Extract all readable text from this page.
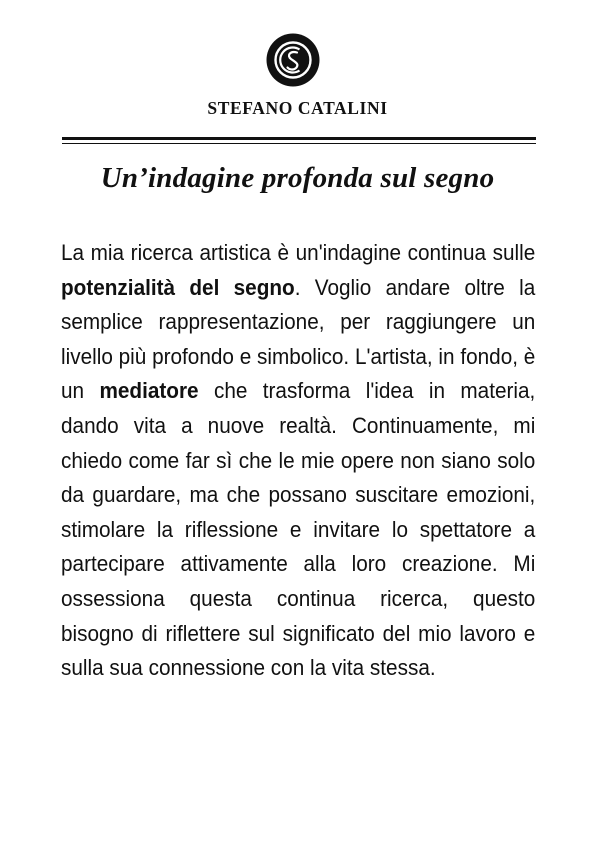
STEFANO CATALINI
Un’indagine profonda sul segno

La mia ricerca artistica è un'indagine continua sulle potenzialità del segno. Voglio andare oltre la semplice rappresentazione, per raggiungere un livello più profondo e simbolico. L'artista, in fondo, è un mediatore che trasforma l'idea in materia, dando vita a nuove realtà. Continuamente, mi chiedo come far sì che le mie opere non siano solo da guardare, ma che possano suscitare emozioni, stimolare la riflessione e invitare lo spettatore a partecipare attivamente alla loro creazione. Mi ossessiona questa continua ricerca, questo bisogno di riflettere sul significato del mio lavoro e sulla sua connessione con la vita stessa.
